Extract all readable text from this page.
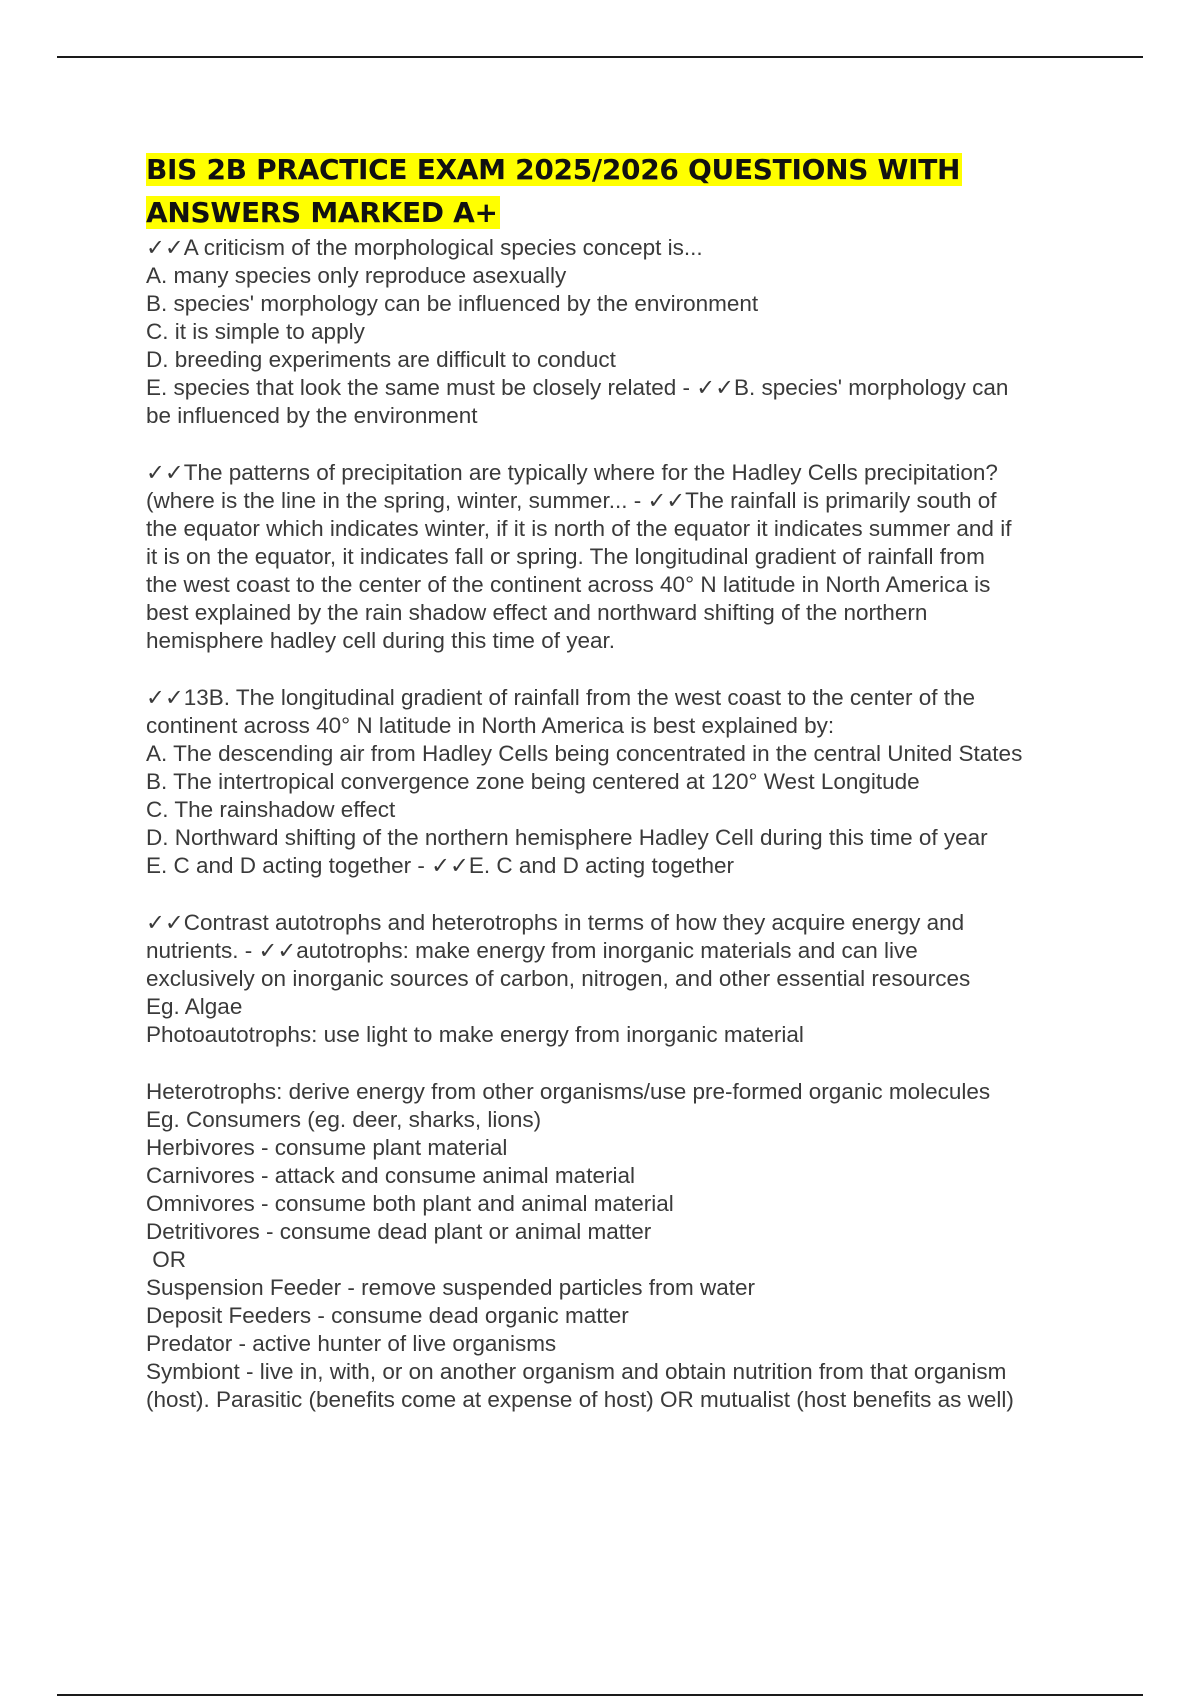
BIS 2B PRACTICE EXAM 2025/2026 QUESTIONS WITH
ANSWERS MARKED A+
✓✓A criticism of the morphological species concept is...
A. many species only reproduce asexually
B. species' morphology can be influenced by the environment
C. it is simple to apply
D. breeding experiments are difficult to conduct
E. species that look the same must be closely related - ✓✓B. species' morphology can
be influenced by the environment
✓✓The patterns of precipitation are typically where for the Hadley Cells precipitation?
(where is the line in the spring, winter, summer... - ✓✓The rainfall is primarily south of
the equator which indicates winter, if it is north of the equator it indicates summer and if
it is on the equator, it indicates fall or spring. The longitudinal gradient of rainfall from
the west coast to the center of the continent across 40° N latitude in North America is
best explained by the rain shadow effect and northward shifting of the northern
hemisphere hadley cell during this time of year.
✓✓13B. The longitudinal gradient of rainfall from the west coast to the center of the
continent across 40° N latitude in North America is best explained by:
A. The descending air from Hadley Cells being concentrated in the central United States
B. The intertropical convergence zone being centered at 120° West Longitude
C. The rainshadow effect
D. Northward shifting of the northern hemisphere Hadley Cell during this time of year
E. C and D acting together - ✓✓E. C and D acting together
✓✓Contrast autotrophs and heterotrophs in terms of how they acquire energy and
nutrients. - ✓✓autotrophs: make energy from inorganic materials and can live
exclusively on inorganic sources of carbon, nitrogen, and other essential resources
Eg. Algae
Photoautotrophs: use light to make energy from inorganic material
Heterotrophs: derive energy from other organisms/use pre-formed organic molecules
Eg. Consumers (eg. deer, sharks, lions)
Herbivores - consume plant material
Carnivores - attack and consume animal material
Omnivores - consume both plant and animal material
Detritivores - consume dead plant or animal matter
OR
Suspension Feeder - remove suspended particles from water
Deposit Feeders - consume dead organic matter
Predator - active hunter of live organisms
Symbiont - live in, with, or on another organism and obtain nutrition from that organism
(host). Parasitic (benefits come at expense of host) OR mutualist (host benefits as well)
